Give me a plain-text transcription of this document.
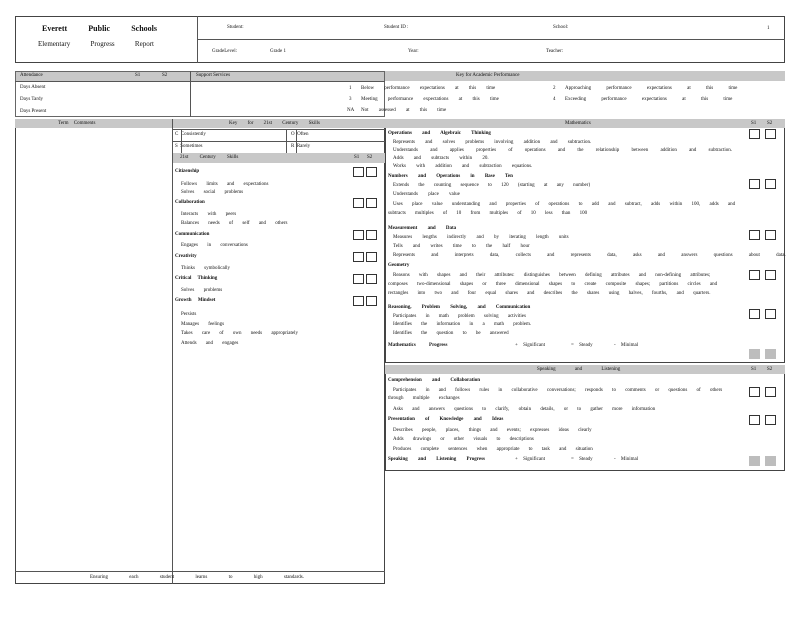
Everett	Public	Schools
Elementary	Progress	Report
Student:	Student ID :	School:	1
GradeLevel:	Grade 1	Year:	Teacher:
Attendance	S1	S2	Support Services
Days Absent
Days Tardy
Days Present
Key for Academic Performance
1 Below performance expectations at this time
3 Meeting performance expectations at this time
NA Not assessed at this time
2 Approaching performance expectations at this time
4 Exceeding performance expectations at this time
Term Comments	Key for 21st Century Skills
C Consistently
S Sometimes
O Often
R Rarely
21st Century Skills	S1 S2
Citizenship
Follows limits and expectations
Solves social problems
Collaboration
Interacts with peers
Balances needs of self and others
Communication
Engages in conversations
Creativity
Thinks symbolically
Critical Thinking
Solves problems
Growth Mindset
Persists
Manages feelings
Takes care of own needs appropriately
Attends and engages
Ensuring each student learns to high standards.
Mathematics	S1 S2
Operations and Algebraic Thinking
Represents and solves problems involving addition and subtraction.
Understands and applies properties of operations and the relationship between addition and subtraction.
Adds and subtracts within 20.
Works with addition and subtraction equations.
Numbers and Operations in Base Ten
Extends the counting sequence to 120 (starting at any number)
Understands place value
Uses place value understanding and properties of operations to add and subtract, adds within 100, adds and subtracts multiples of 10 from multiples of 10 less than 100
Measurement and Data
Measures lengths indirectly and by iterating length units
Tells and writes time to the half hour
Represents and interprets data, collects and represents data, asks and answers questions about data.
Geometry
Reasons with shapes and their attributes: distinguishes between defining attributes and non-defining attributes; composes two-dimensional shapes or three dimensional shapes to create composite shapes; partitions circles and rectangles into two and four equal shares and describes the shares using halves, fourths, and quarters.
Reasoning, Problem Solving, and Communication
Participates in math problem solving activities
Identifies the information in a math problem.
Identifies the question to be answered
Mathematics Progress	+ Significant	= Steady	- Minimal
Speaking and Listening	S1 S2
Comprehension and Collaboration
Participates in and follows rules in collaborative conversations; responds to comments or questions of others through multiple exchanges
Asks and answers questions to clarify, obtain details, or to gather more information
Presentation of Knowledge and Ideas
Describes people, places, things and events; expresses ideas clearly
Adds drawings or other visuals to descriptions
Produces complete sentences when appropriate to task and situation
Speaking and Listening Progress	+ Significant	= Steady	- Minimal
